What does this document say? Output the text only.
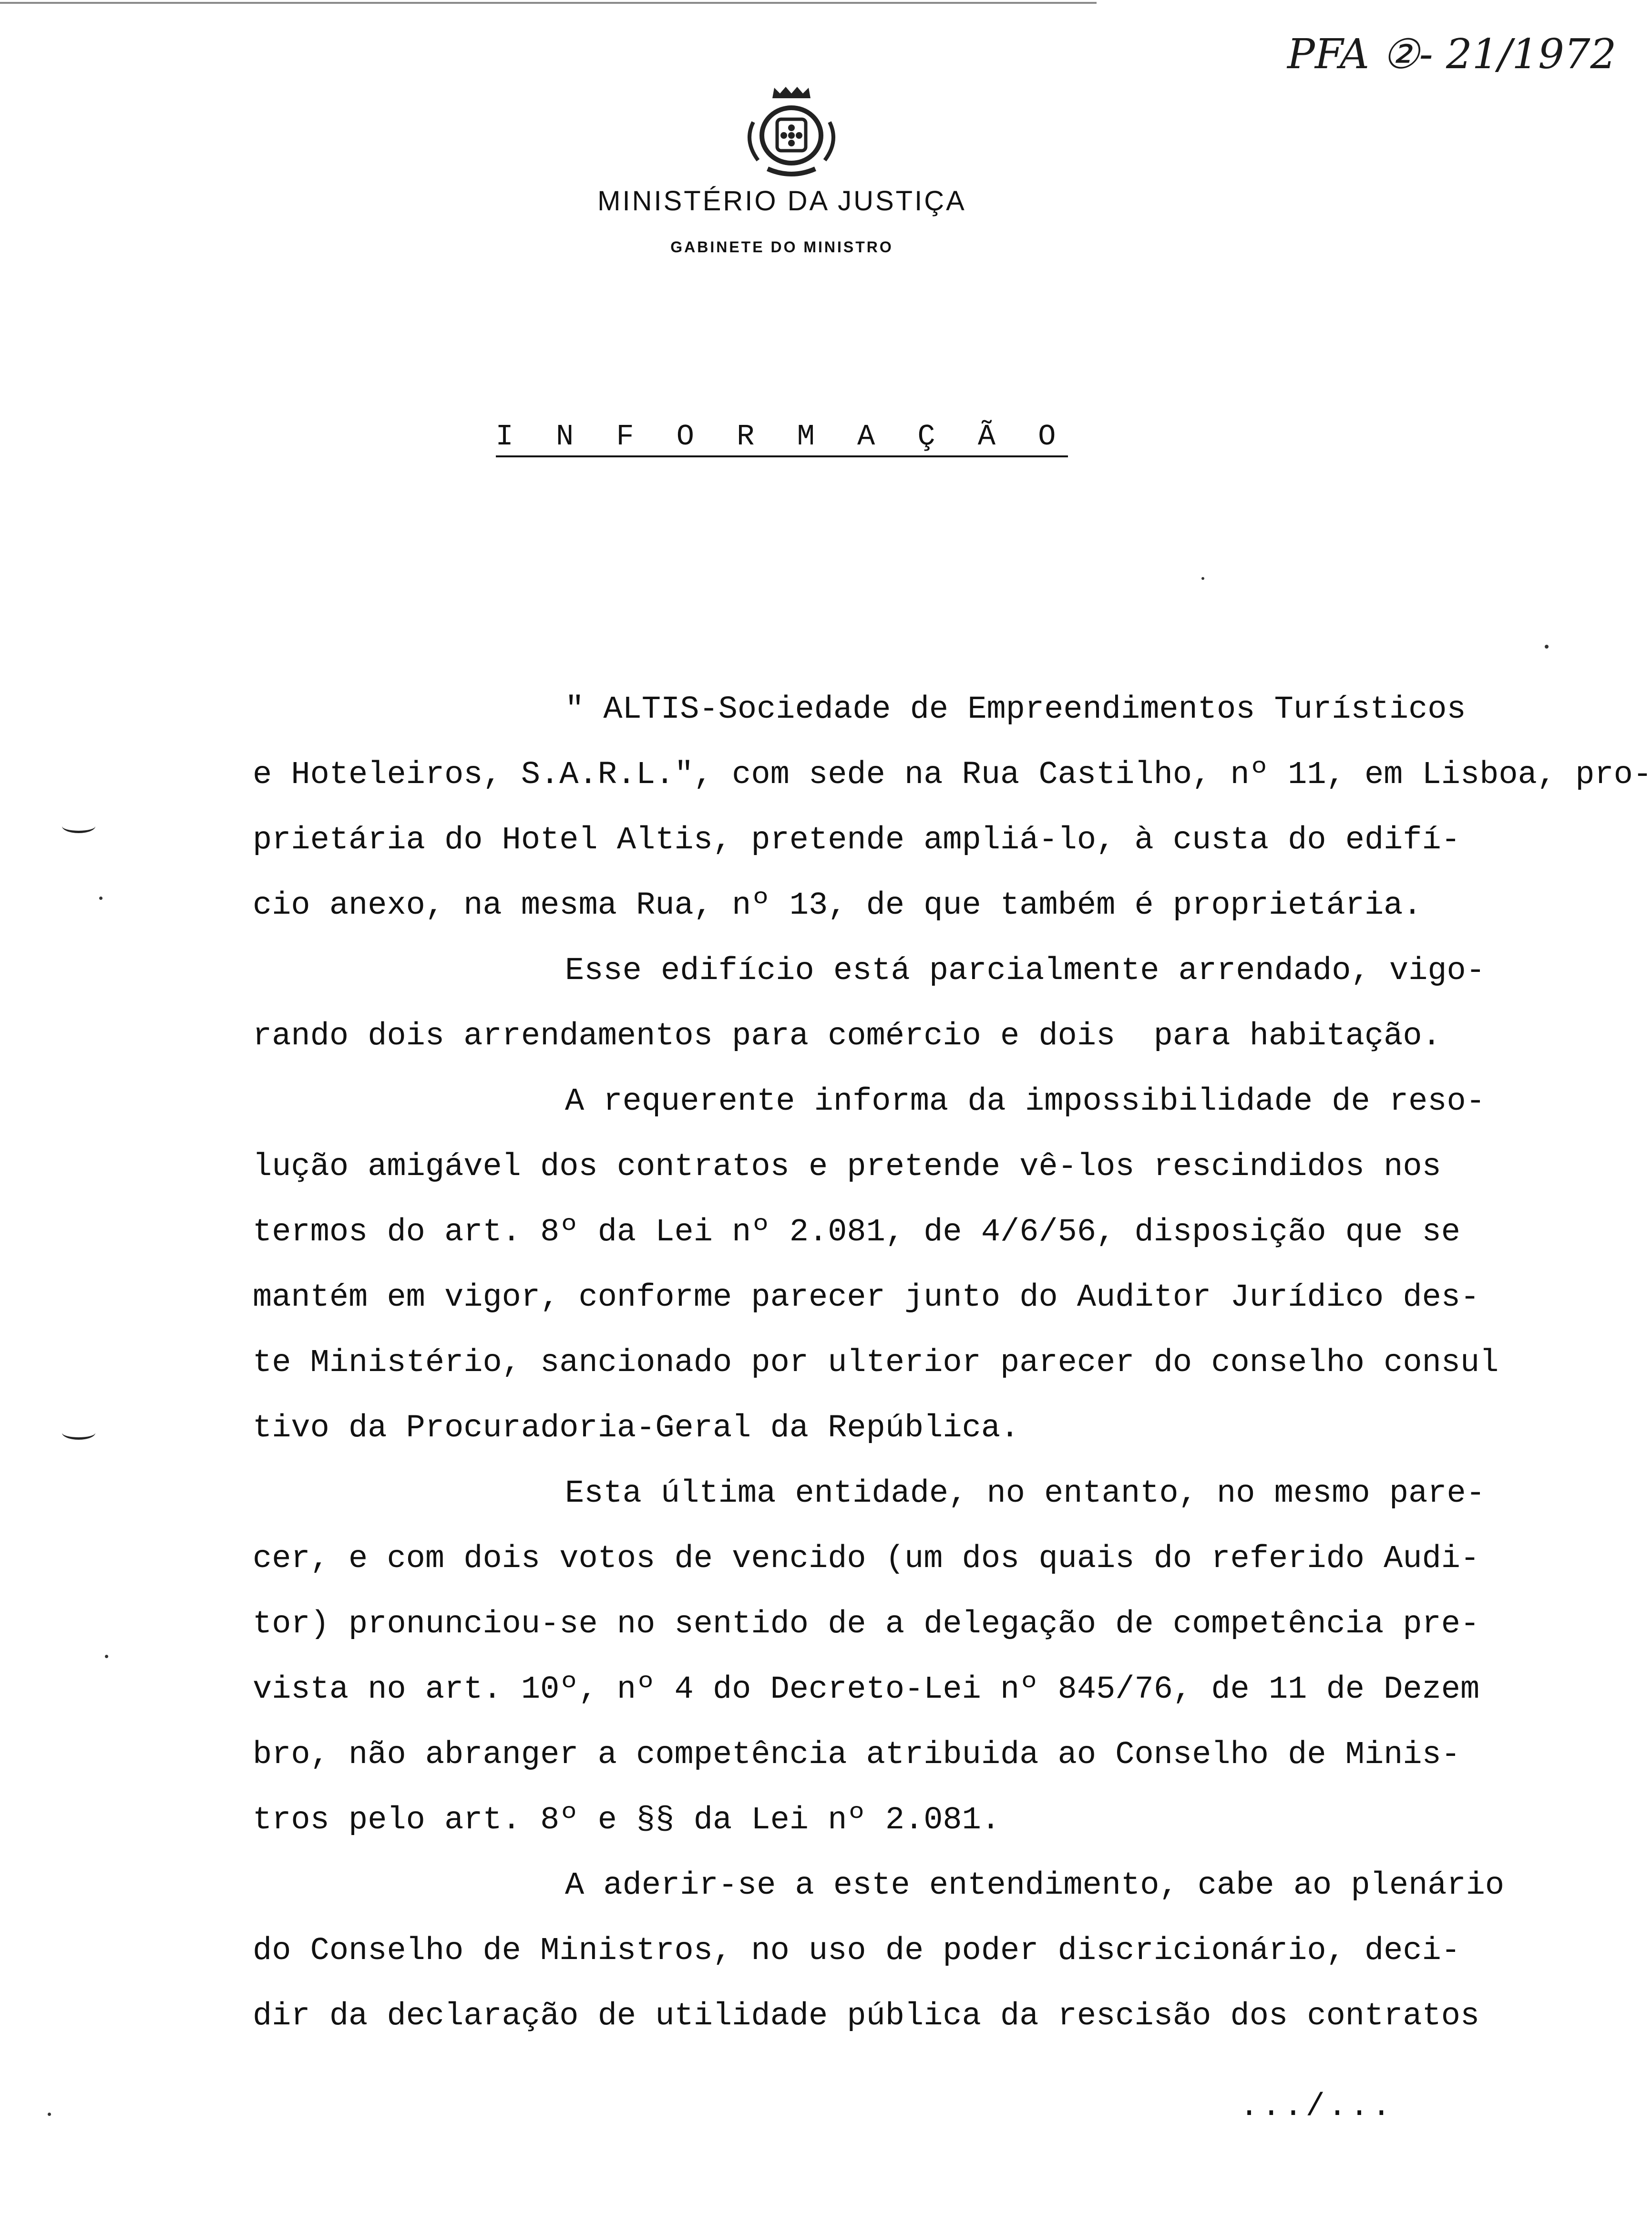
PFA ②- 21/1972
MINISTÉRIO DA JUSTIÇA
GABINETE DO MINISTRO
I N F O R M A Ç Ã O
" ALTIS-Sociedade de Empreendimentos Turísticos
e Hoteleiros, S.A.R.L.", com sede na Rua Castilho, nº 11, em Lisboa, pro-
prietária do Hotel Altis, pretende ampliá-lo, à custa do edifí-
cio anexo, na mesma Rua, nº 13, de que também é proprietária.
Esse edifício está parcialmente arrendado, vigo-
rando dois arrendamentos para comércio e dois  para habitação.
A requerente informa da impossibilidade de reso-
lução amigável dos contratos e pretende vê-los rescindidos nos
termos do art. 8º da Lei nº 2.081, de 4/6/56, disposição que se
mantém em vigor, conforme parecer junto do Auditor Jurídico des-
te Ministério, sancionado por ulterior parecer do conselho consul
tivo da Procuradoria-Geral da República.
Esta última entidade, no entanto, no mesmo pare-
cer, e com dois votos de vencido (um dos quais do referido Audi-
tor) pronunciou-se no sentido de a delegação de competência pre-
vista no art. 10º, nº 4 do Decreto-Lei nº 845/76, de 11 de Dezem
bro, não abranger a competência atribuida ao Conselho de Minis-
tros pelo art. 8º e §§ da Lei nº 2.081.
A aderir-se a este entendimento, cabe ao plenário
do Conselho de Ministros, no uso de poder discricionário, deci-
dir da declaração de utilidade pública da rescisão dos contratos
.../...
